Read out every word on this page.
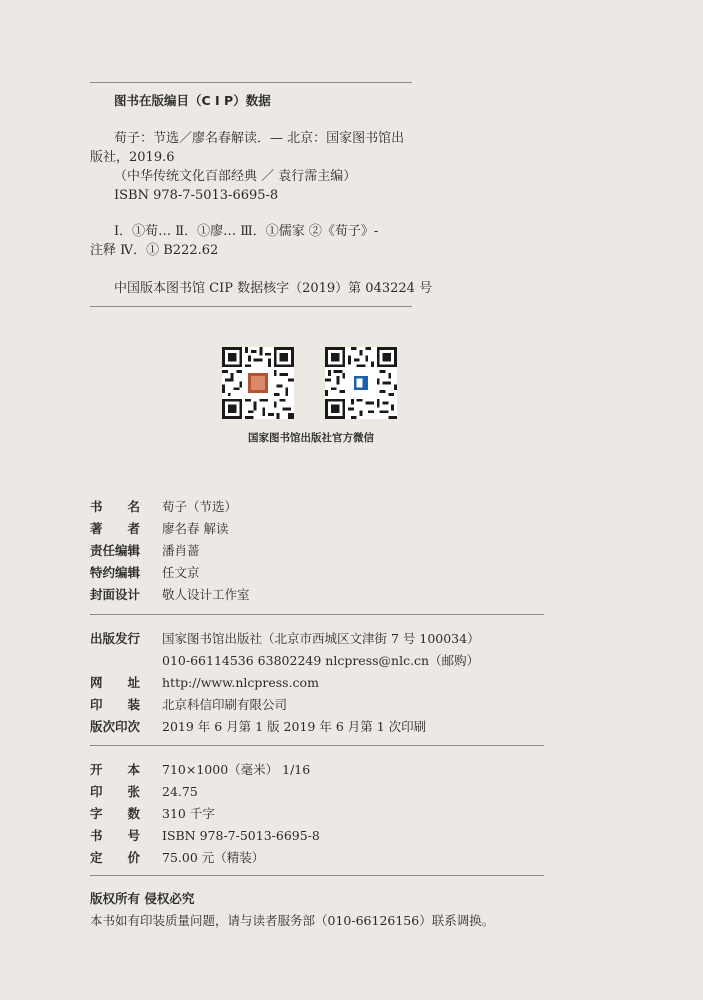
图书在版编目（C I P）数据
荀子：节选／廖名春解读．— 北京：国家图书馆出
版社，2019.6
（中华传统文化百部经典 ／ 袁行霈主编）
ISBN 978-7-5013-6695-8
Ⅰ．①荀… Ⅱ．①廖… Ⅲ．①儒家 ②《荀子》-
注释 Ⅳ．① B222.62
中国版本图书馆 CIP 数据核字（2019）第 043224 号
国家图书馆出版社官方微信
书　　名 荀子（节选）
著　　者 廖名春 解读
责任编辑 潘肖蔷
特约编辑 任文京
封面设计 敬人设计工作室
出版发行 国家图书馆出版社（北京市西城区文津街 7 号 100034）
010-66114536 63802249 nlcpress@nlc.cn（邮购）
网　　址 http://www.nlcpress.com
印　　装 北京科信印刷有限公司
版次印次 2019 年 6 月第 1 版 2019 年 6 月第 1 次印刷
开　　本 710×1000（毫米） 1/16
印　　张 24.75
字　　数 310 千字
书　　号 ISBN 978-7-5013-6695-8
定　　价 75.00 元（精装）
版权所有 侵权必究
本书如有印装质量问题，请与读者服务部（010-66126156）联系调换。
